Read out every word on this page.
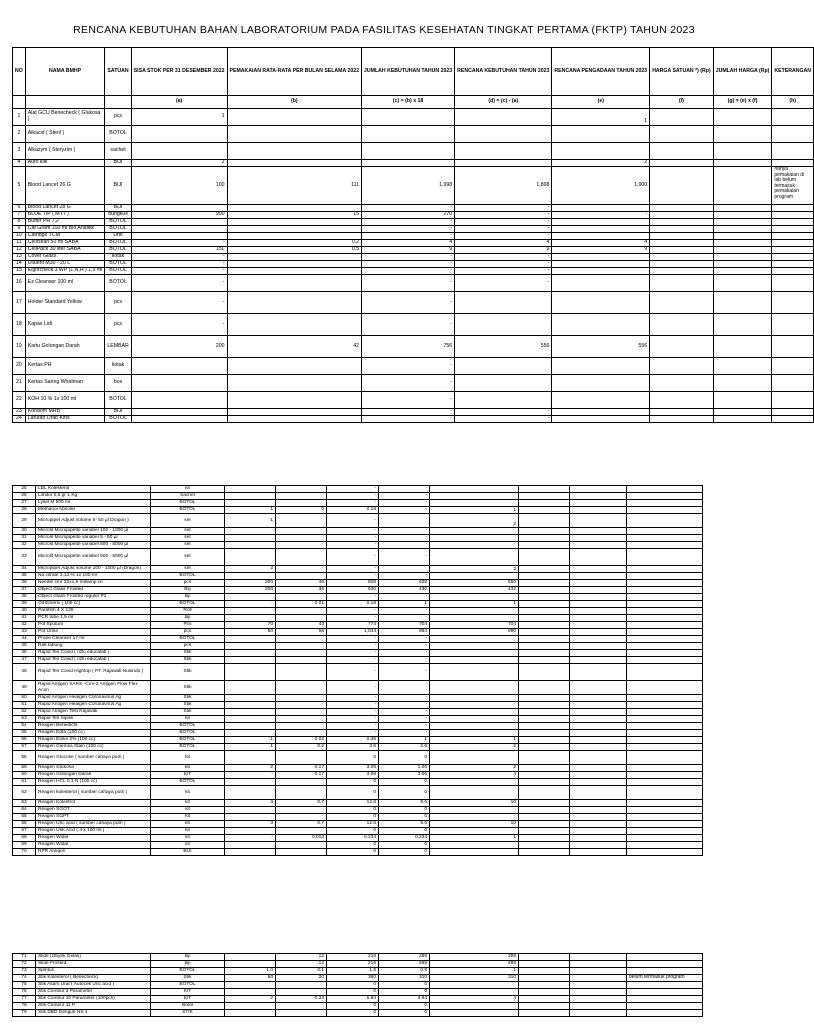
RENCANA KEBUTUHAN BAHAN LABORATORIUM PADA FASILITAS KESEHATAN TINGKAT PERTAMA (FKTP) TAHUN 2023
NO	NAMA BMHP	SATUAN	SISA STOK PER 31 DESEMBER 2022	PEMAKAIAN RATA-RATA PER BULAN SELAMA 2022	JUMLAH KEBUTUHAN TAHUN 2023	RENCANA KEBUTUHAN TAHUN 2023	RENCANA PENGADAAN TAHUN 2023	HARGA SATUAN *) (Rp)	JUMLAH HARGA (Rp)	KETERANGAN
			(a)	(b)	(c) = (b) x 18	(d) = (c) - (a)	(e)	(f)	(g) = (e) x (f)	(h)
1	Alat GCU Benecheck ( Glukosa )	pcs	1				1			
2	Alkacid ( Steril )	BOTOL								
3	Alkazym ( Steryzim )	sachet								
4	Auto klik	BIJI	2				2			
5	Blood Lancet 26 G	BIJI	100	111	1,998	1,898	1,900			hanya pemakaian di lab belum termasuk pemakaian program
6	Blood Lancet 28 G	BIJI			-	-				
7	BLUE TIP ( MT I )	bungkus	900	15	270	-	-			
8	Buffer PH 7,2	BOTOL			-	-				
9	Cat Gram 100 ml Bio Analitik	BOTOL			-	-				
10	Catridge TCM	Unit			-	-				
11	Cellclean 50 ml SABA	BOTOL	-	0.2	4	4	4			
12	CellPack 30 liter SABA	BOTOL	15L	0.5	9	9	9			
13	Cover Glass	kotak	-		-	-				
14	Diluent M30 - 20 L	BOTOL	-		-	-				
15	Eightcheck 3 WP (L,N,H ) 1,5 ml	BOTOL	-		-	-				
16	Ez Cleanser 100 ml	BOTOL	-		-	-				
17	Holder Standard Yellow	pcs	-		-					
18	Kapas Lidi	pcs	-		-					
19	Kartu Golongan Darah	LEMBAR	200	42	756	556	556			
20	Kertas PH	kotak			-					
21	Kertas Saring Whatman	box			-					
22	KOH 10 % 1x 100 ml	BOTOL			-					
23	Kondom MRB	BIJI			-	-				
24	Larutan Drab Kins	BOTOL			-	-				
25	LDL Kolesterol	kit			-	-				
26	Limitor 0,5 gr 1 Kg	Sachet			-	-				
27	Lysel M 500 ml	BOTOL			-	-				
28	Methanol Absolut	BOTOL	1	0	0.18	-	1			
29	Micropipet Adjust volume 5- 50 µl Dragon )	set	1		-		2			
30	Microlit Micropipette variabel 100 - 1000 µl	set			-	-				
31	Microlit Micropipette variabel 5 - 50 µl	set			-	-				
32	Microlit Micropipette variabel 500 - 5000 µl	set			-	-				
33	Microlit Micropipette variabel 500 - 5000 µl	set			-	-				
34	Micropipet Adjust volume 100 - 1000 µl (Dragon)	set	2		-		2			
35	Na citrate 3,13 % 1x 100 ml	BOTOL			-	-				
36	Needle cmr 22x1,5 mil/amp ce	pcs	200	46	828	628	650			
37	Object Glass Frosted	Biji	200	35	630	430	432			
38	Object Glass Frosted reguler P2	biji			-	-				
39	Oil Emersi ( 100 cc)	BOTOL	-	0.01	0.18	1	1			
40	Parafilm 4 X 125	Roll			-	-				
41	PCR tube 1,5 ml	biji			-	-				
42	Pot Sputum	Pcs	70	43	774	704	704			
43	Pot Urine	pcs	60	58	1,044	984	990			
44	Probe Cleanser 17 ml	BOTOL			-	-				
45	Rak tabung	pcs			-	-				
46	Rapid Tes Covid ( rizki educalab )	Stik			-	-				
47	Rapid Tes Covid ( rizki educalab )	Stik			-	-				
48	Rapid Tes Covid Hightop ( PT. Rajawali Nusindo )	Stik			-	-				
49	Rapid Antigen SARS -CoV-2 Antigen Flow Flex Acon	Stik			-	-				
50	Rapid Antigen Healgen Coronavirus Ag	Stik			-	-				
51	Rapid Antigen Healgen Coronavirus Ag	Stik			-	-				
52	Rapid Antigen Test Rajawali	Stik			-	-				
53	Rapid Tes Sipilis	kit			-	-				
54	Reagen Benedicht	BOTOL			-	-				
55	Reagen Edta (100 cc)	BOTOL			-	-				
56	Reagen Eosin 2% (100 cc)	BOTOL	1	0.02	0.36	1	1			
57	Reagen Giemsa Stain (100 cc)	BOTOL	1	0.2	3.6	2.6	2			
58	Reagen Glucose ( sumber cahaya putri )	kit			0	0				
59	Reagen Glukosa	kit	2	0.17	3.06	1.06	2			
60	Reagen Golongan Darah	KIT	-	0.17	3.06	3.06	4			
61	Reagen HCL 0,1 N (100 cc)	BOTOL			0	0				
62	Reagen kolesterol ( sumber cahaya putri )	kit			0	0				
63	Reagen Kolestrol	kit	3	0.7	12.6	9.6	10			
64	Reagen SGOT	kit			0	0				
65	Reagen SGPT	Kit			0	0				
66	Reagen Uric acid ( sumber cahaya putri )	kit	3	0.7	12.6	9.6	10			
67	Reagen Urik Acid ( 4 x 100 ml )	kit			0	0				
68	Reagen Widal	kit	-	0.013	0.234	0.234	1			
69	Reagen Widal	kit			0	0				
70	RPR Antigen	BIJI			0	0				
71	Slide (Obyek Gelas)	biji		12	216	288	288			
72	Slide Frosted	biji		12	216	288	288			
73	Spiritus	BOTOL	1.0	0.1	1.8	0.8	1			
74	Stik Kolesterol ( Benecheck)	Stik	50	20	360	310	310			belum termasuk program
75	Stik Asam Urat ( Autocek Uric acid )	BOTOL			0	0				
76	Stik Combur 3 Parameter	KIT			0	0				
77	Stik Combur 10 Parameter (100pcs)	KIT	2	0.33	5.94	3.94	4			
78	Stik Combur 11 P	Botol			0	0				
79	Stik DBD Dengue NS 1	STIK	-		0	0				
